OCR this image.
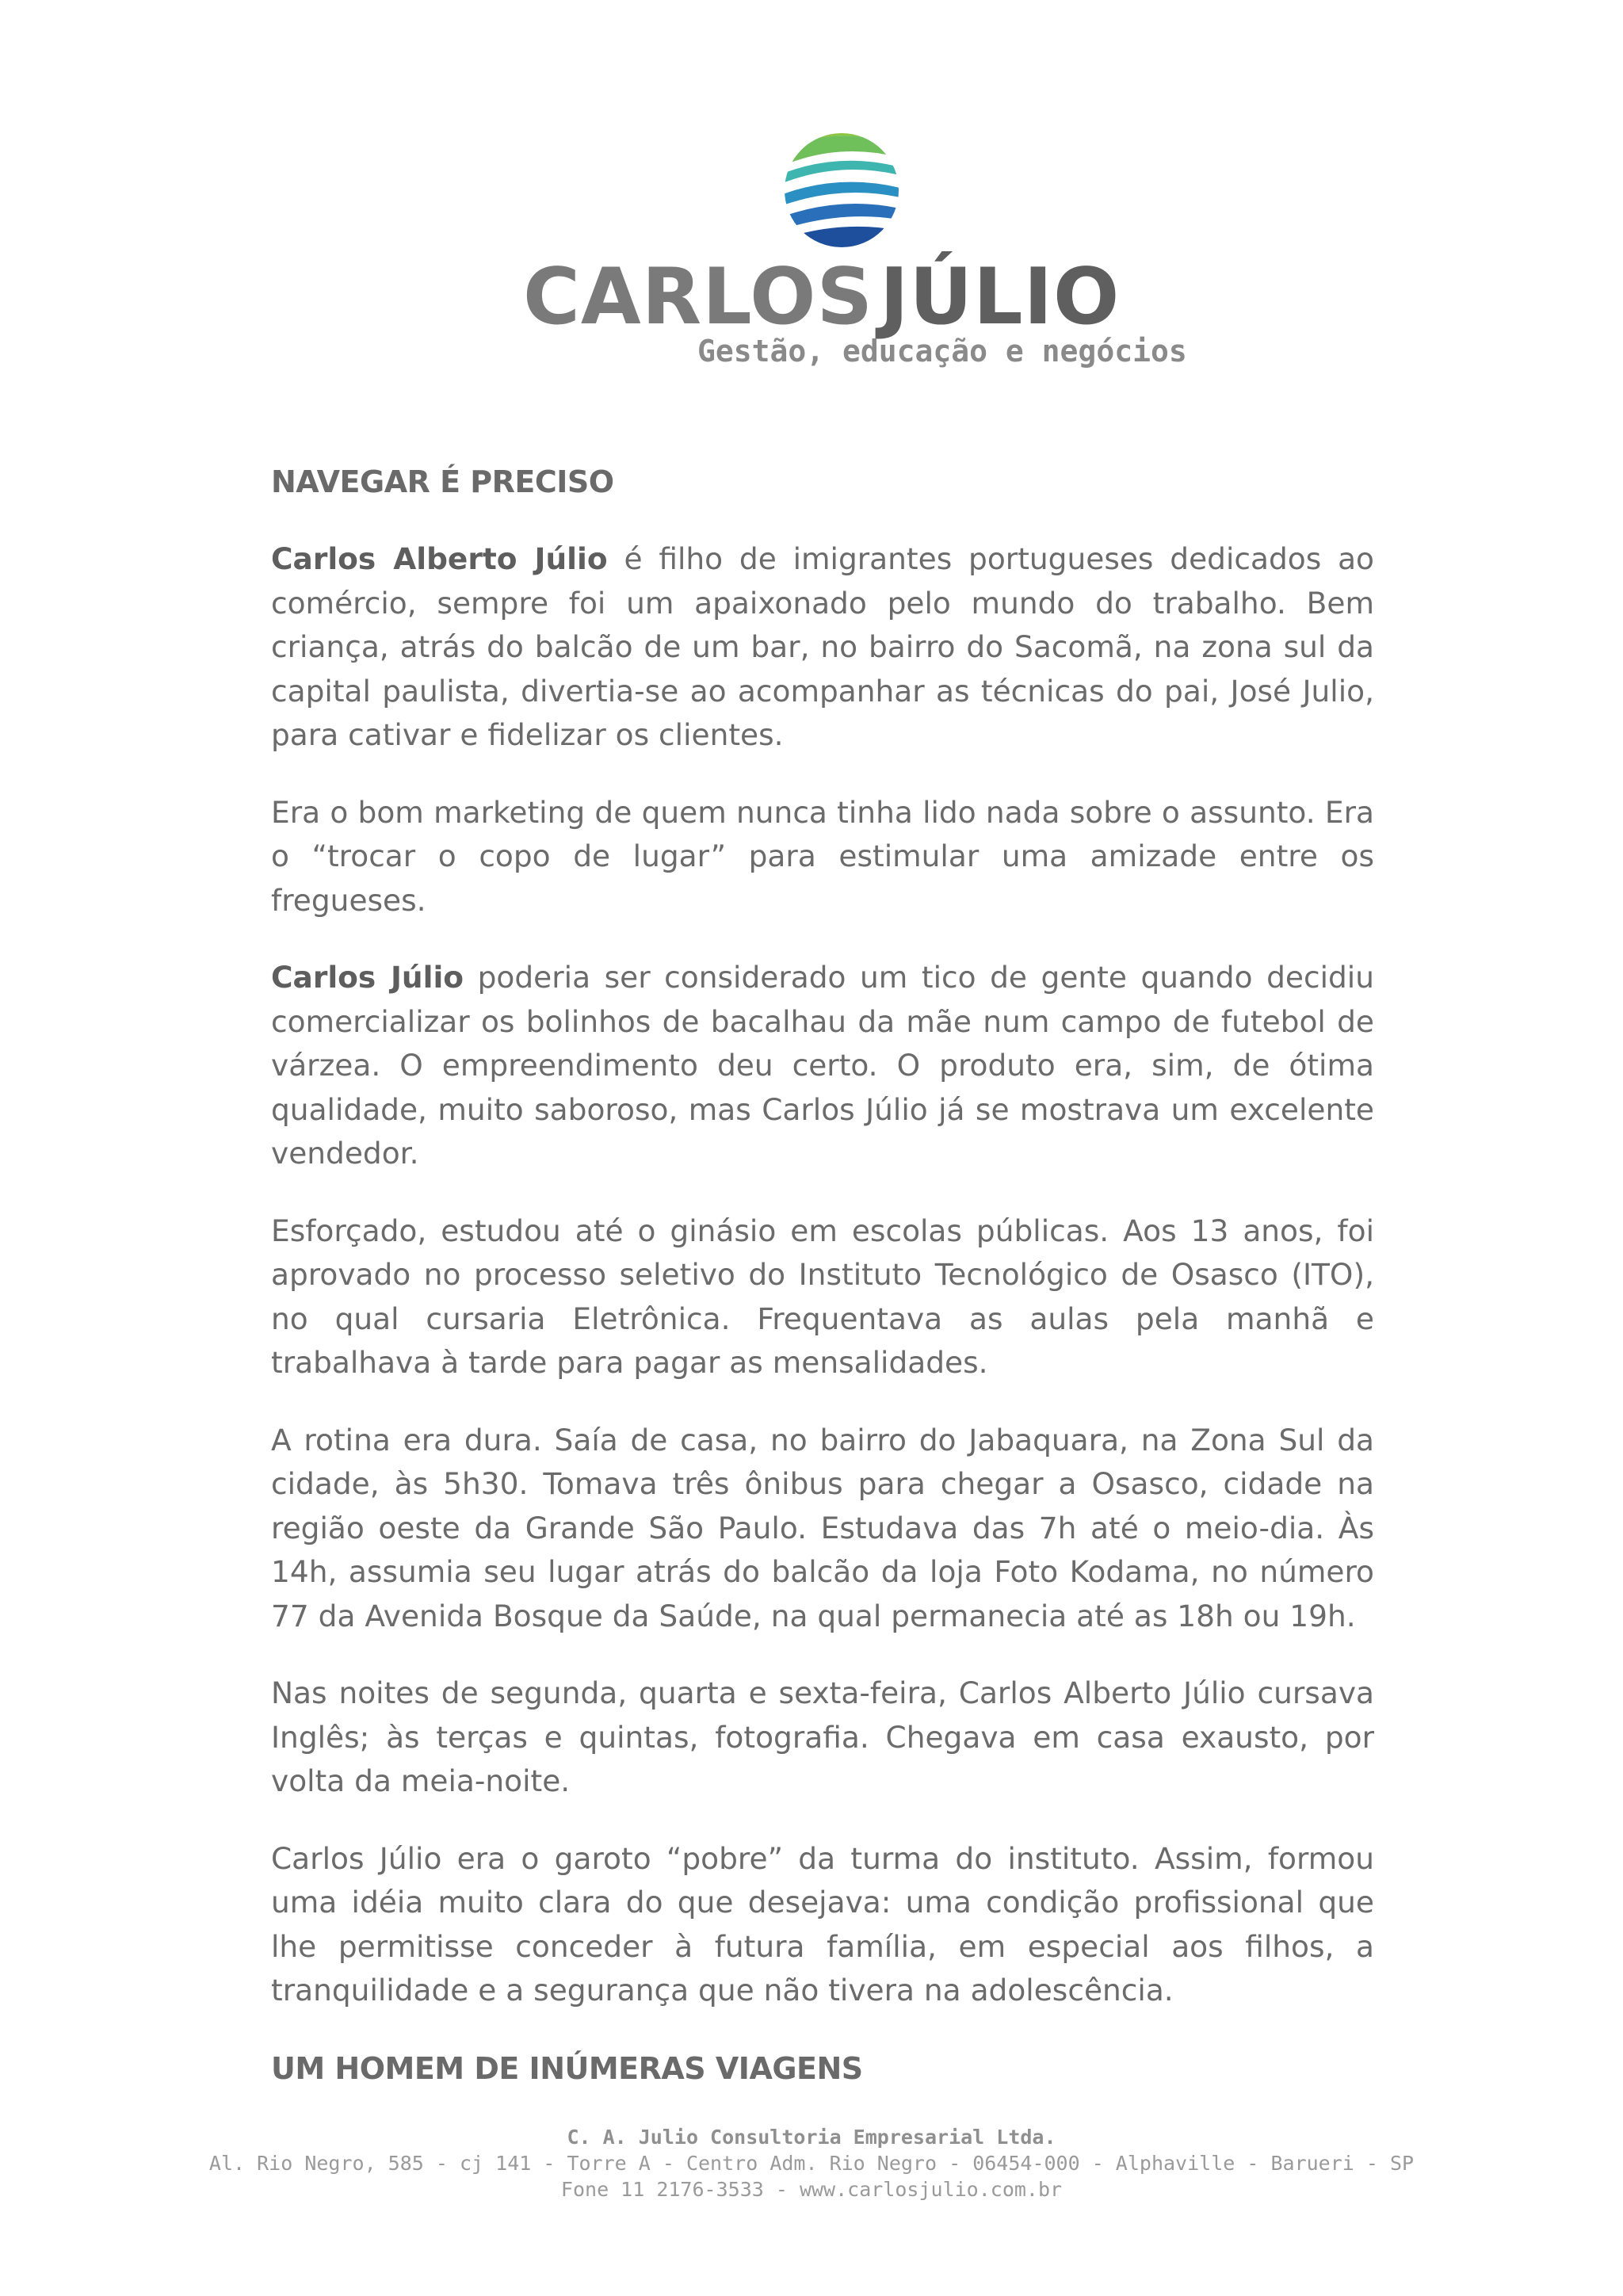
CARLOSJÚLIO
Gestão, educação e negócios
NAVEGAR É PRECISO

Carlos Alberto Júlio é filho de imigrantes portugueses dedicados ao comércio, sempre foi um apaixonado pelo mundo do trabalho. Bem criança, atrás do balcão de um bar, no bairro do Sacomã, na zona sul da capital paulista, divertia-se ao acompanhar as técnicas do pai, José Julio, para cativar e fidelizar os clientes.

Era o bom marketing de quem nunca tinha lido nada sobre o assunto. Era o “trocar o copo de lugar” para estimular uma amizade entre os fregueses.

Carlos Júlio poderia ser considerado um tico de gente quando decidiu comercializar os bolinhos de bacalhau da mãe num campo de futebol de várzea. O empreendimento deu certo. O produto era, sim, de ótima qualidade, muito saboroso, mas Carlos Júlio já se mostrava um excelente vendedor.

Esforçado, estudou até o ginásio em escolas públicas. Aos 13 anos, foi aprovado no processo seletivo do Instituto Tecnológico de Osasco (ITO), no qual cursaria Eletrônica. Frequentava as aulas pela manhã e trabalhava à tarde para pagar as mensalidades.

A rotina era dura. Saía de casa, no bairro do Jabaquara, na Zona Sul da cidade, às 5h30. Tomava três ônibus para chegar a Osasco, cidade na região oeste da Grande São Paulo. Estudava das 7h até o meio-dia. Às 14h, assumia seu lugar atrás do balcão da loja Foto Kodama, no número 77 da Avenida Bosque da Saúde, na qual permanecia até as 18h ou 19h.

Nas noites de segunda, quarta e sexta-feira, Carlos Alberto Júlio cursava Inglês; às terças e quintas, fotografia. Chegava em casa exausto, por volta da meia-noite.

Carlos Júlio era o garoto “pobre” da turma do instituto. Assim, formou uma idéia muito clara do que desejava: uma condição profissional que lhe permitisse conceder à futura família, em especial aos filhos, a tranquilidade e a segurança que não tivera na adolescência.

UM HOMEM DE INÚMERAS VIAGENS
C. A. Julio Consultoria Empresarial Ltda.
Al. Rio Negro, 585 - cj 141 - Torre A - Centro Adm. Rio Negro - 06454-000 - Alphaville - Barueri - SP
Fone 11 2176-3533 - www.carlosjulio.com.br
